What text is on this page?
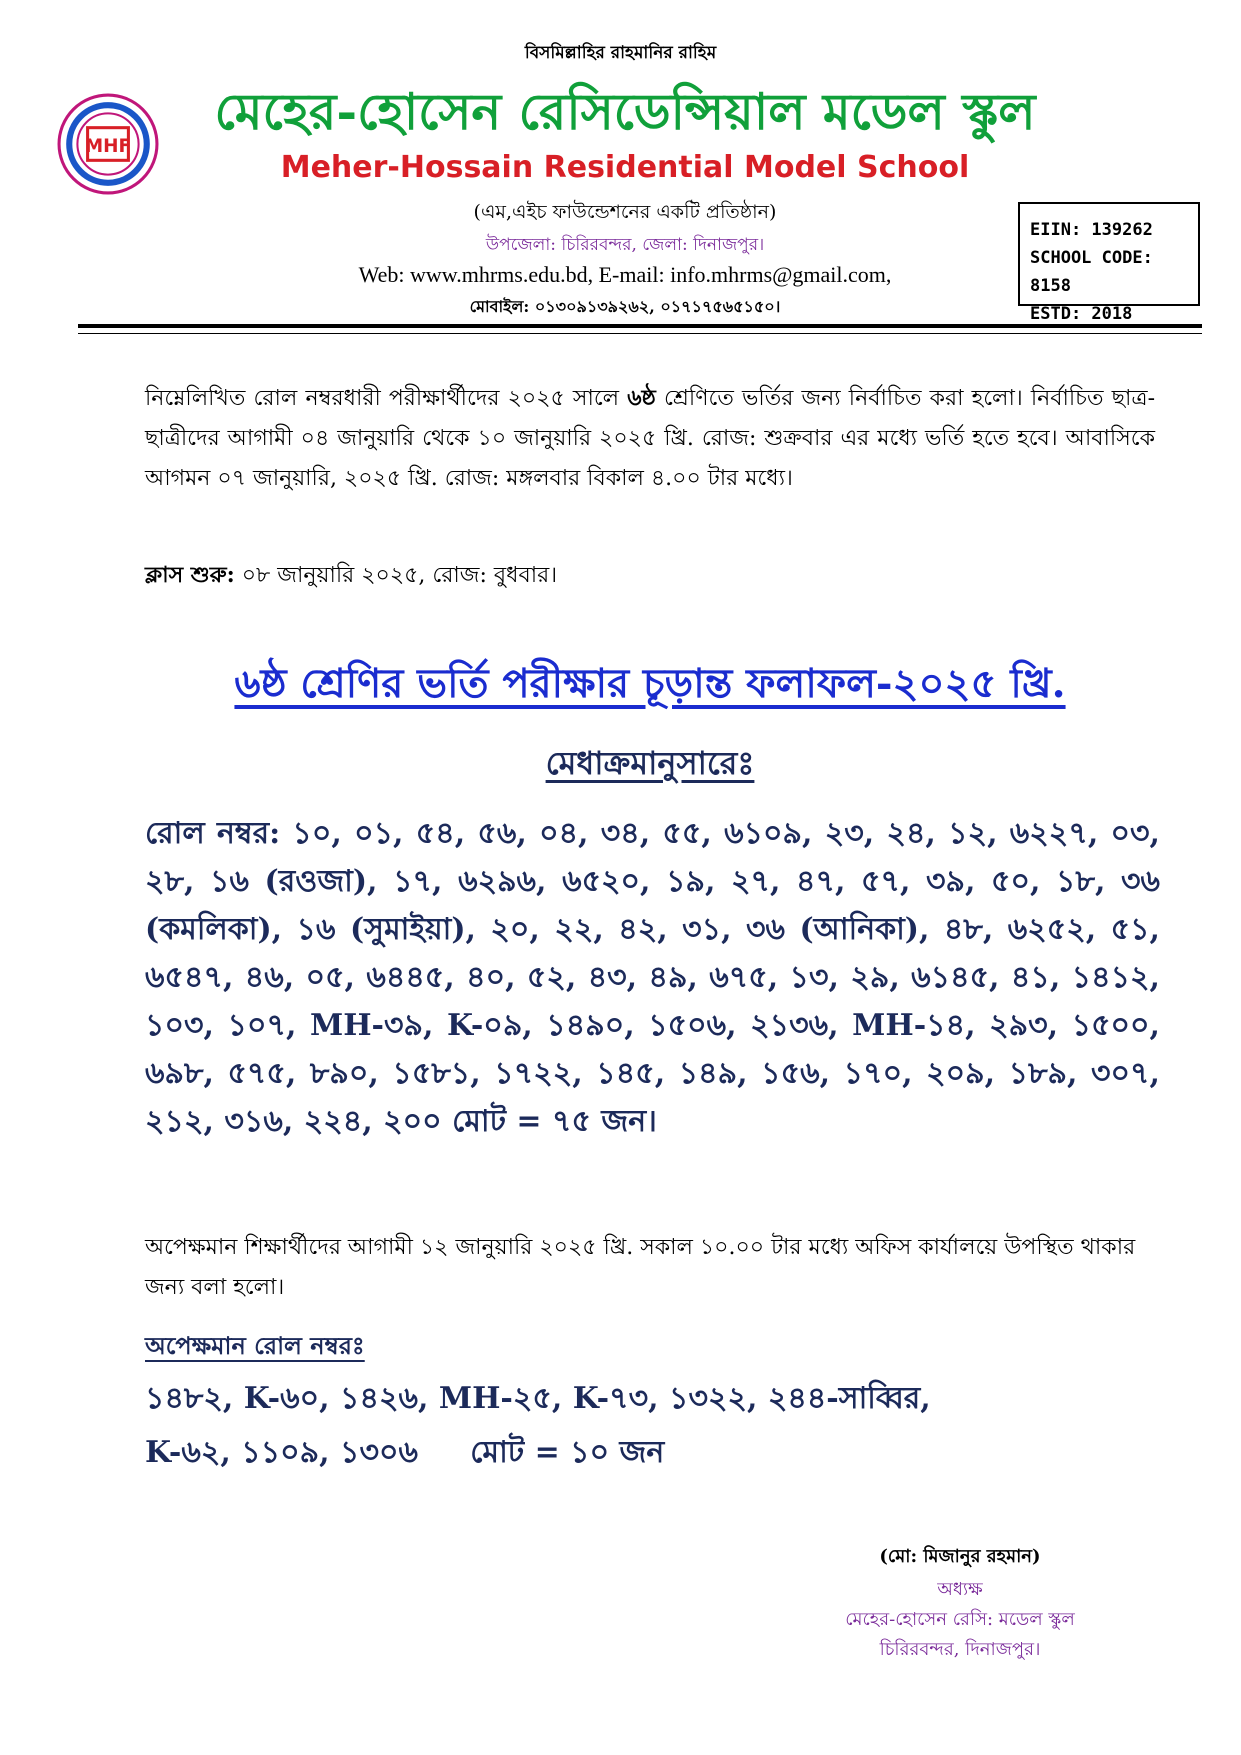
বিসমিল্লাহির রাহমানির রাহিম
MHF
মেহের-হোসেন রেসিডেন্সিয়াল মডেল স্কুল
Meher-Hossain Residential Model School
(এম,এইচ ফাউন্ডেশনের একটি প্রতিষ্ঠান)
উপজেলা: চিরিরবন্দর, জেলা: দিনাজপুর।
Web: www.mhrms.edu.bd, E-mail: info.mhrms@gmail.com,
মোবাইল: ০১৩০৯১৩৯২৬২, ০১৭১৭৫৬৫১৫০।
EIIN: 139262
SCHOOL CODE: 8158
ESTD: 2018
নিম্নেলিখিত রোল নম্বরধারী পরীক্ষার্থীদের ২০২৫ সালে ৬ষ্ঠ শ্রেণিতে ভর্তির জন্য নির্বাচিত করা হলো। নির্বাচিত ছাত্র-ছাত্রীদের আগামী ০৪ জানুয়ারি থেকে ১০ জানুয়ারি ২০২৫ খ্রি. রোজ: শুক্রবার এর মধ্যে ভর্তি হতে হবে। আবাসিকে আগমন ০৭ জানুয়ারি, ২০২৫ খ্রি. রোজ: মঙ্গলবার বিকাল ৪.০০ টার মধ্যে।
ক্লাস শুরু: ০৮ জানুয়ারি ২০২৫, রোজ: বুধবার।
৬ষ্ঠ শ্রেণির ভর্তি পরীক্ষার চূড়ান্ত ফলাফল-২০২৫ খ্রি.
মেধাক্রমানুসারেঃ
রোল নম্বর: ১০, ০১, ৫৪, ৫৬, ০৪, ৩৪, ৫৫, ৬১০৯, ২৩, ২৪, ১২, ৬২২৭, ০৩, ২৮, ১৬ (রওজা), ১৭, ৬২৯৬, ৬৫২০, ১৯, ২৭, ৪৭, ৫৭, ৩৯, ৫০, ১৮, ৩৬ (কমলিকা), ১৬ (সুমাইয়া), ২০, ২২, ৪২, ৩১, ৩৬ (আনিকা), ৪৮, ৬২৫২, ৫১, ৬৫৪৭, ৪৬, ০৫, ৬৪৪৫, ৪০, ৫২, ৪৩, ৪৯, ৬৭৫, ১৩, ২৯, ৬১৪৫, ৪১, ১৪১২, ১০৩, ১০৭, MH-৩৯, K-০৯, ১৪৯০, ১৫০৬, ২১৩৬, MH-১৪, ২৯৩, ১৫০০, ৬৯৮, ৫৭৫, ৮৯০, ১৫৮১, ১৭২২, ১৪৫, ১৪৯, ১৫৬, ১৭০, ২০৯, ১৮৯, ৩০৭, ২১২, ৩১৬, ২২৪, ২০০ মোট = ৭৫ জন।
অপেক্ষমান শিক্ষার্থীদের আগামী ১২ জানুয়ারি ২০২৫ খ্রি. সকাল ১০.০০ টার মধ্যে অফিস কার্যালয়ে উপস্থিত থাকার জন্য বলা হলো।
অপেক্ষমান রোল নম্বরঃ
১৪৮২, K-৬০, ১৪২৬, MH-২৫, K-৭৩, ১৩২২, ২৪৪-সাব্বির,
K-৬২, ১১০৯, ১৩০৬     মোট = ১০ জন
(মো: মিজানুর রহমান)
অধ্যক্ষ
মেহের-হোসেন রেসি: মডেল স্কুল
চিরিরবন্দর, দিনাজপুর।
